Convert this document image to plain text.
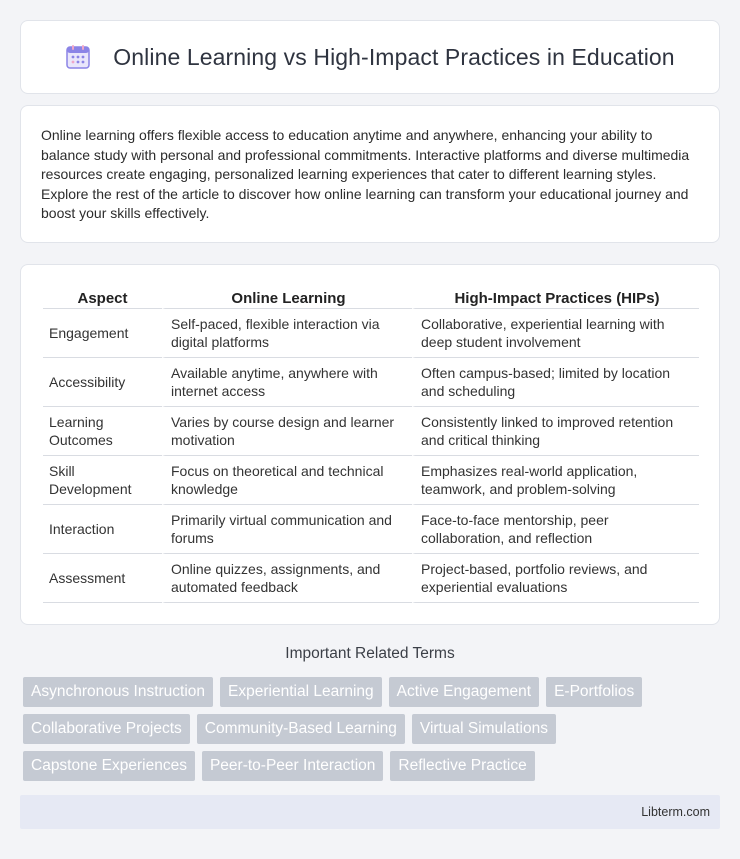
Online Learning vs High-Impact Practices in Education

Online learning offers flexible access to education anytime and anywhere, enhancing your ability to balance study with personal and professional commitments. Interactive platforms and diverse multimedia resources create engaging, personalized learning experiences that cater to different learning styles. Explore the rest of the article to discover how online learning can transform your educational journey and boost your skills effectively.

Aspect	Online Learning	High-Impact Practices (HIPs)
Engagement	Self-paced, flexible interaction via digital platforms	Collaborative, experiential learning with deep student involvement
Accessibility	Available anytime, anywhere with internet access	Often campus-based; limited by location and scheduling
Learning Outcomes	Varies by course design and learner motivation	Consistently linked to improved retention and critical thinking
Skill Development	Focus on theoretical and technical knowledge	Emphasizes real-world application, teamwork, and problem-solving
Interaction	Primarily virtual communication and forums	Face-to-face mentorship, peer collaboration, and reflection
Assessment	Online quizzes, assignments, and automated feedback	Project-based, portfolio reviews, and experiential evaluations
Important Related Terms
Asynchronous Instruction	Experiential Learning	Active Engagement	E-Portfolios
Collaborative Projects	Community-Based Learning	Virtual Simulations
Capstone Experiences	Peer-to-Peer Interaction	Reflective Practice
Libterm.com
